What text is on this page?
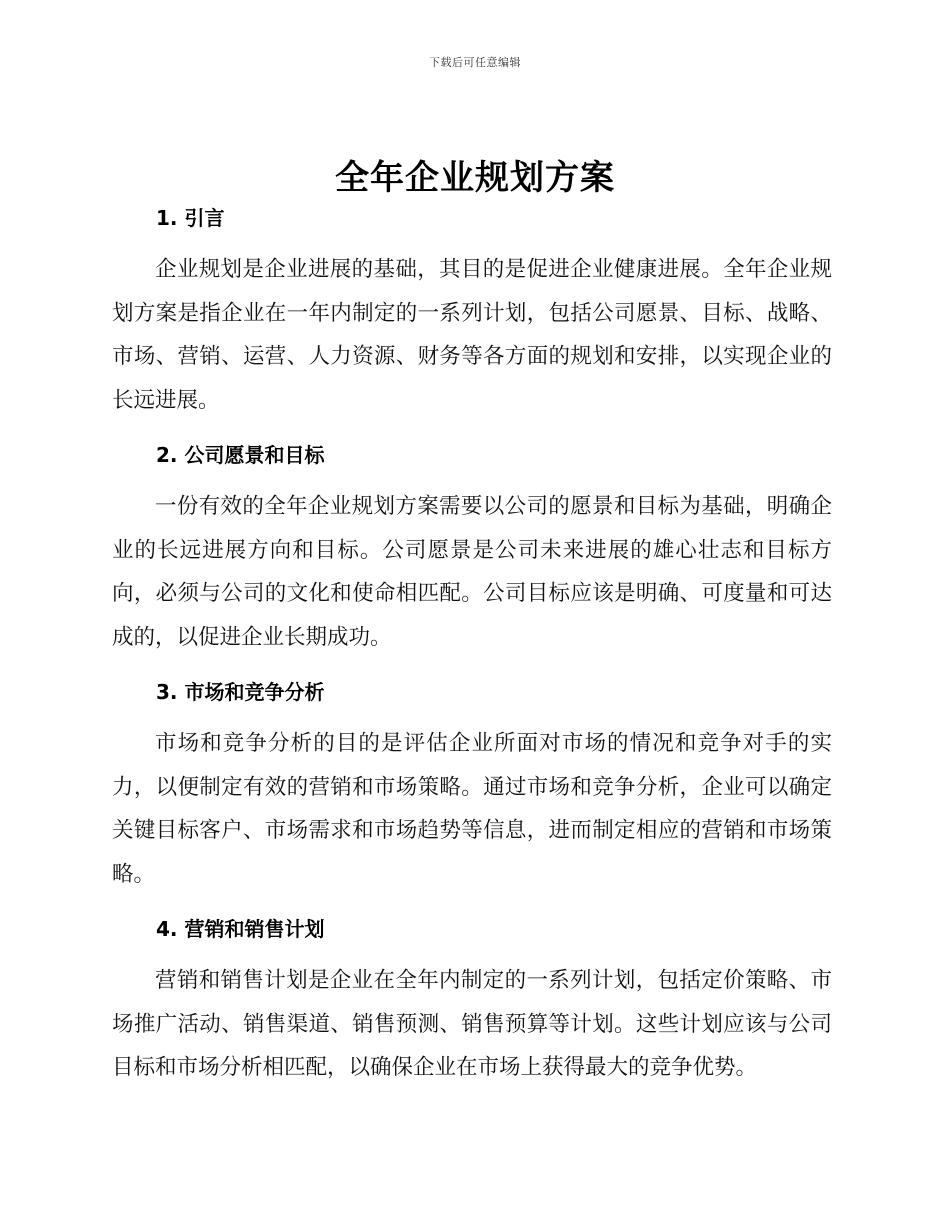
下载后可任意编辑
全年企业规划方案
1. 引言

企业规划是企业进展的基础，其目的是促进企业健康进展。全年企业规划方案是指企业在一年内制定的一系列计划，包括公司愿景、目标、战略、市场、营销、运营、人力资源、财务等各方面的规划和安排，以实现企业的长远进展。

2. 公司愿景和目标

一份有效的全年企业规划方案需要以公司的愿景和目标为基础，明确企业的长远进展方向和目标。公司愿景是公司未来进展的雄心壮志和目标方向，必须与公司的文化和使命相匹配。公司目标应该是明确、可度量和可达成的，以促进企业长期成功。

3. 市场和竞争分析

市场和竞争分析的目的是评估企业所面对市场的情况和竞争对手的实力，以便制定有效的营销和市场策略。通过市场和竞争分析，企业可以确定关键目标客户、市场需求和市场趋势等信息，进而制定相应的营销和市场策略。

4. 营销和销售计划

营销和销售计划是企业在全年内制定的一系列计划，包括定价策略、市场推广活动、销售渠道、销售预测、销售预算等计划。这些计划应该与公司目标和市场分析相匹配，以确保企业在市场上获得最大的竞争优势。
